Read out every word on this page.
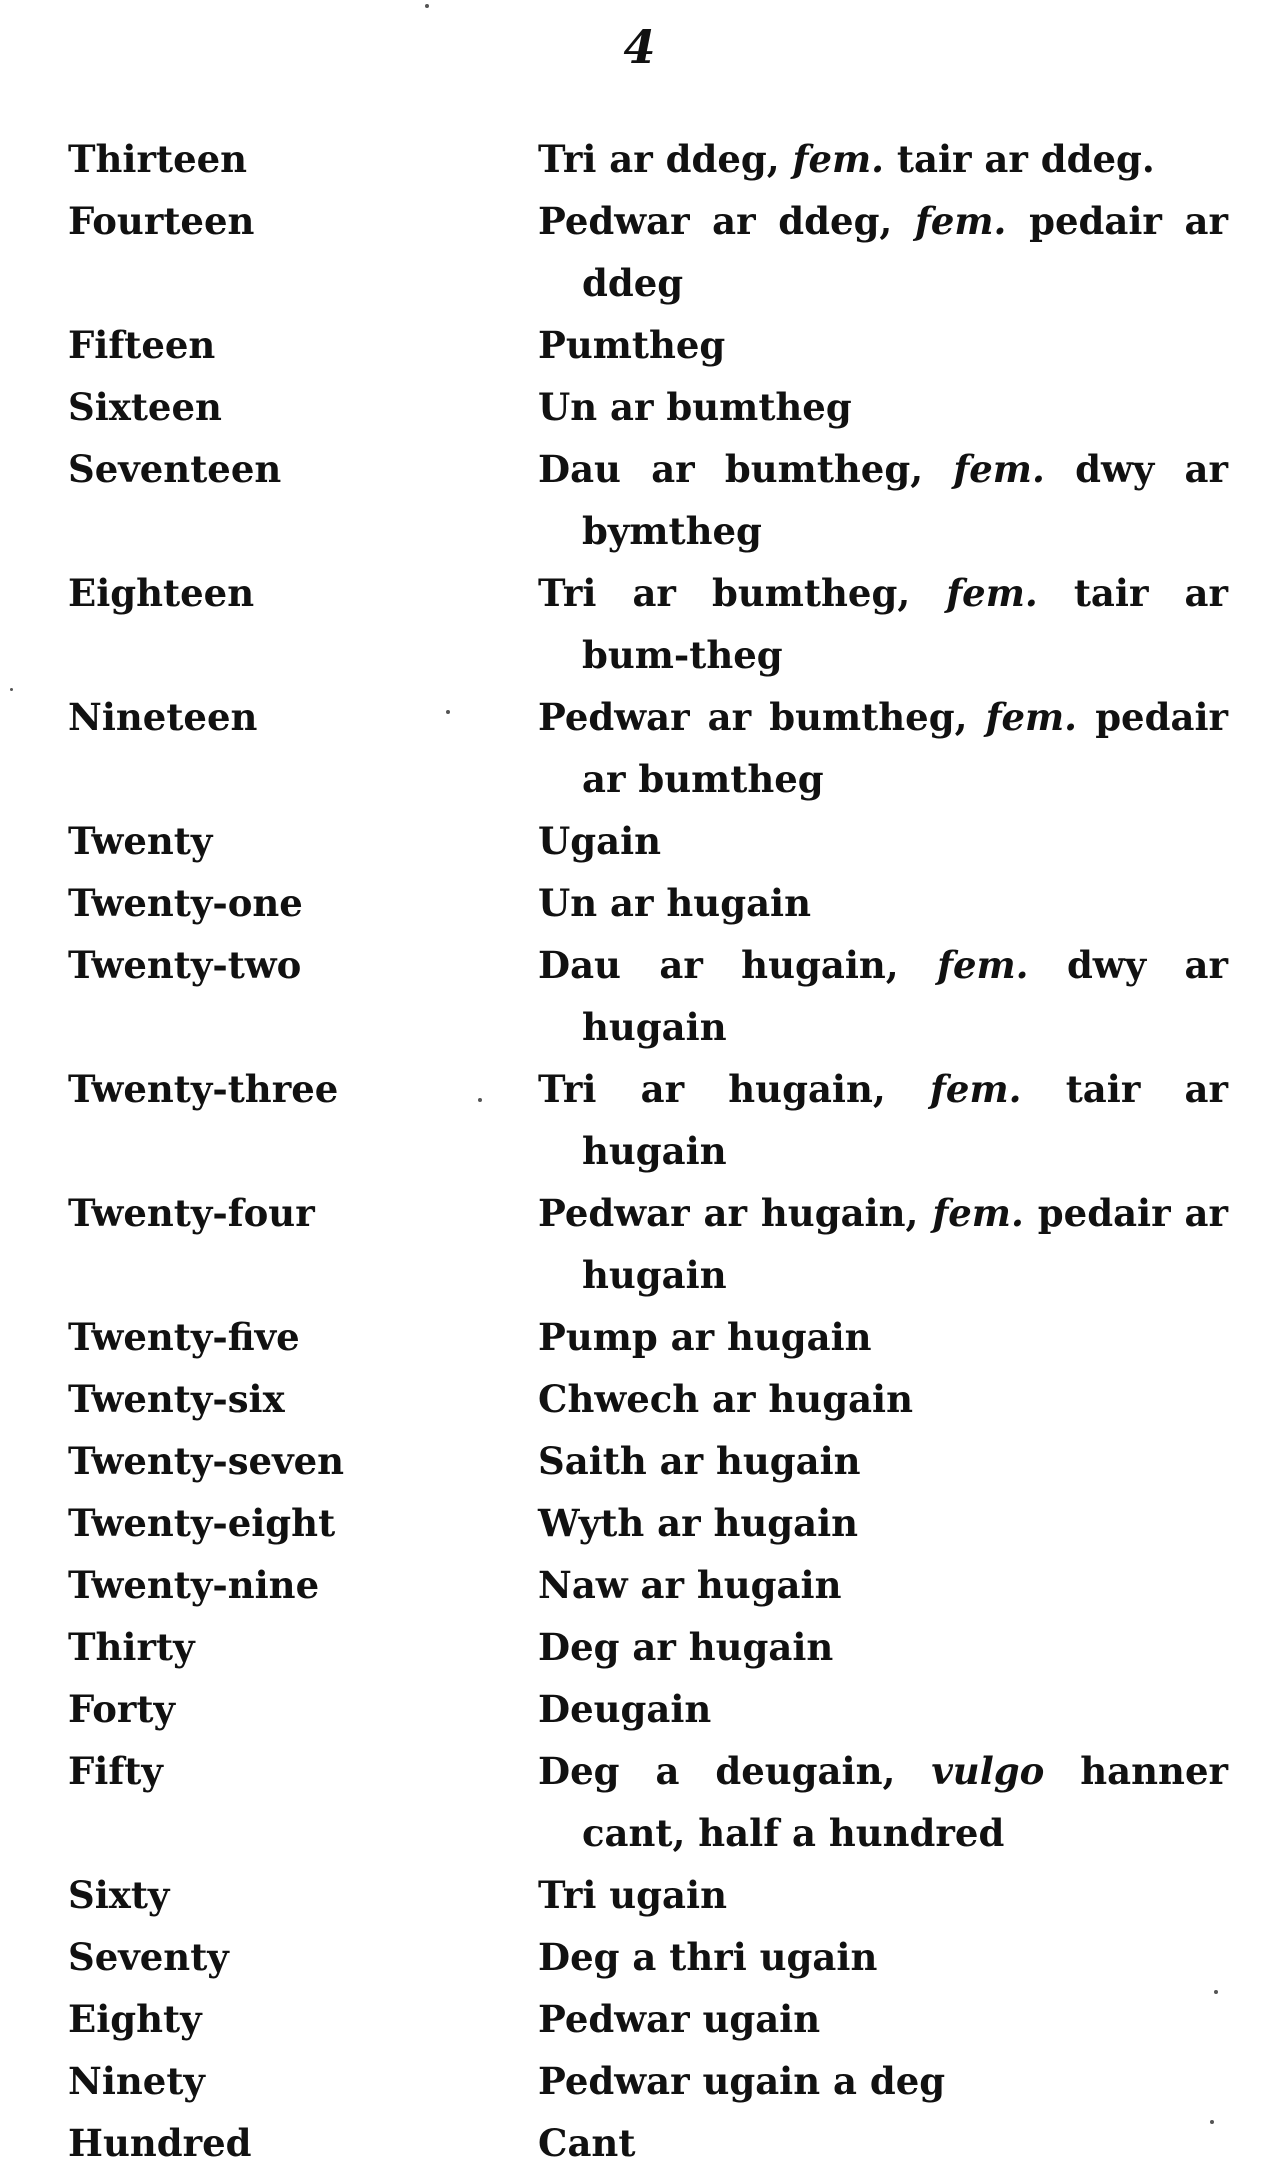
4
Thirteen	Tri ar ddeg, fem. tair ar ddeg.
Fourteen	Pedwar ar ddeg, fem. pedair ar ddeg
Fifteen	Pumtheg
Sixteen	Un ar bumtheg
Seventeen	Dau ar bumtheg, fem. dwy ar bymtheg
Eighteen	Tri ar bumtheg, fem. tair ar bum-theg
Nineteen	Pedwar ar bumtheg, fem. pedair ar bumtheg
Twenty	Ugain
Twenty-one	Un ar hugain
Twenty-two	Dau ar hugain, fem. dwy ar hugain
Twenty-three	Tri ar hugain, fem. tair ar hugain
Twenty-four	Pedwar ar hugain, fem. pedair ar hugain
Twenty-five	Pump ar hugain
Twenty-six	Chwech ar hugain
Twenty-seven	Saith ar hugain
Twenty-eight	Wyth ar hugain
Twenty-nine	Naw ar hugain
Thirty	Deg ar hugain
Forty	Deugain
Fifty	Deg a deugain, vulgo hanner cant, half a hundred
Sixty	Tri ugain
Seventy	Deg a thri ugain
Eighty	Pedwar ugain
Ninety	Pedwar ugain a deg
Hundred	Cant
